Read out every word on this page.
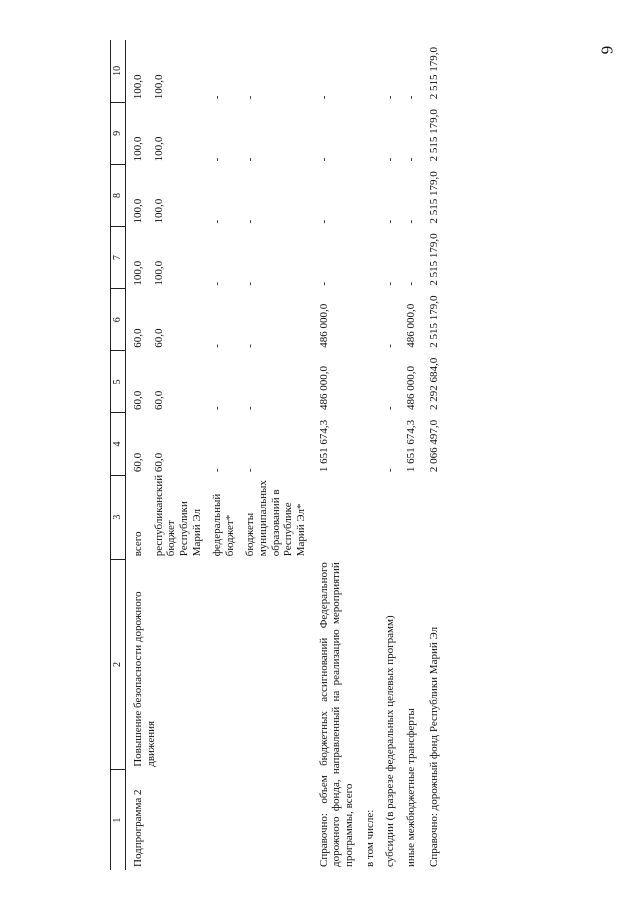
6
1	2	3	4	5	6	7	8	9	10
Подпрограмма 2	Повышение безопасности дорожного движения	всего	60,0	60,0	60,0	100,0	100,0	100,0	100,0
		республиканский бюджет Республики Марий Эл	60,0	60,0	60,0	100,0	100,0	100,0	100,0
		федеральный бюджет*	-	-	-	-	-	-	-
		бюджеты муниципальных образований в Республике Марий Эл*	-	-	-	-	-	-	-
Справочно: объем бюджетных ассигнований Федерального дорожного фонда, направленный на реализацию мероприятий программы, всего			1 651 674,3	486 000,0	486 000,0	-	-	-	-
в том числе:									
субсидии (в разрезе федеральных целевых программ)			-	-	-	-	-	-	-
иные межбюджетные трансферты			1 651 674,3	486 000,0	486 000,0	-	-	-	-
Справочно: дорожный фонд Республики Марий Эл			2 066 497,0	2 292 684,0	2 515 179,0	2 515 179,0	2 515 179,0	2 515 179,0	2 515 179,0
